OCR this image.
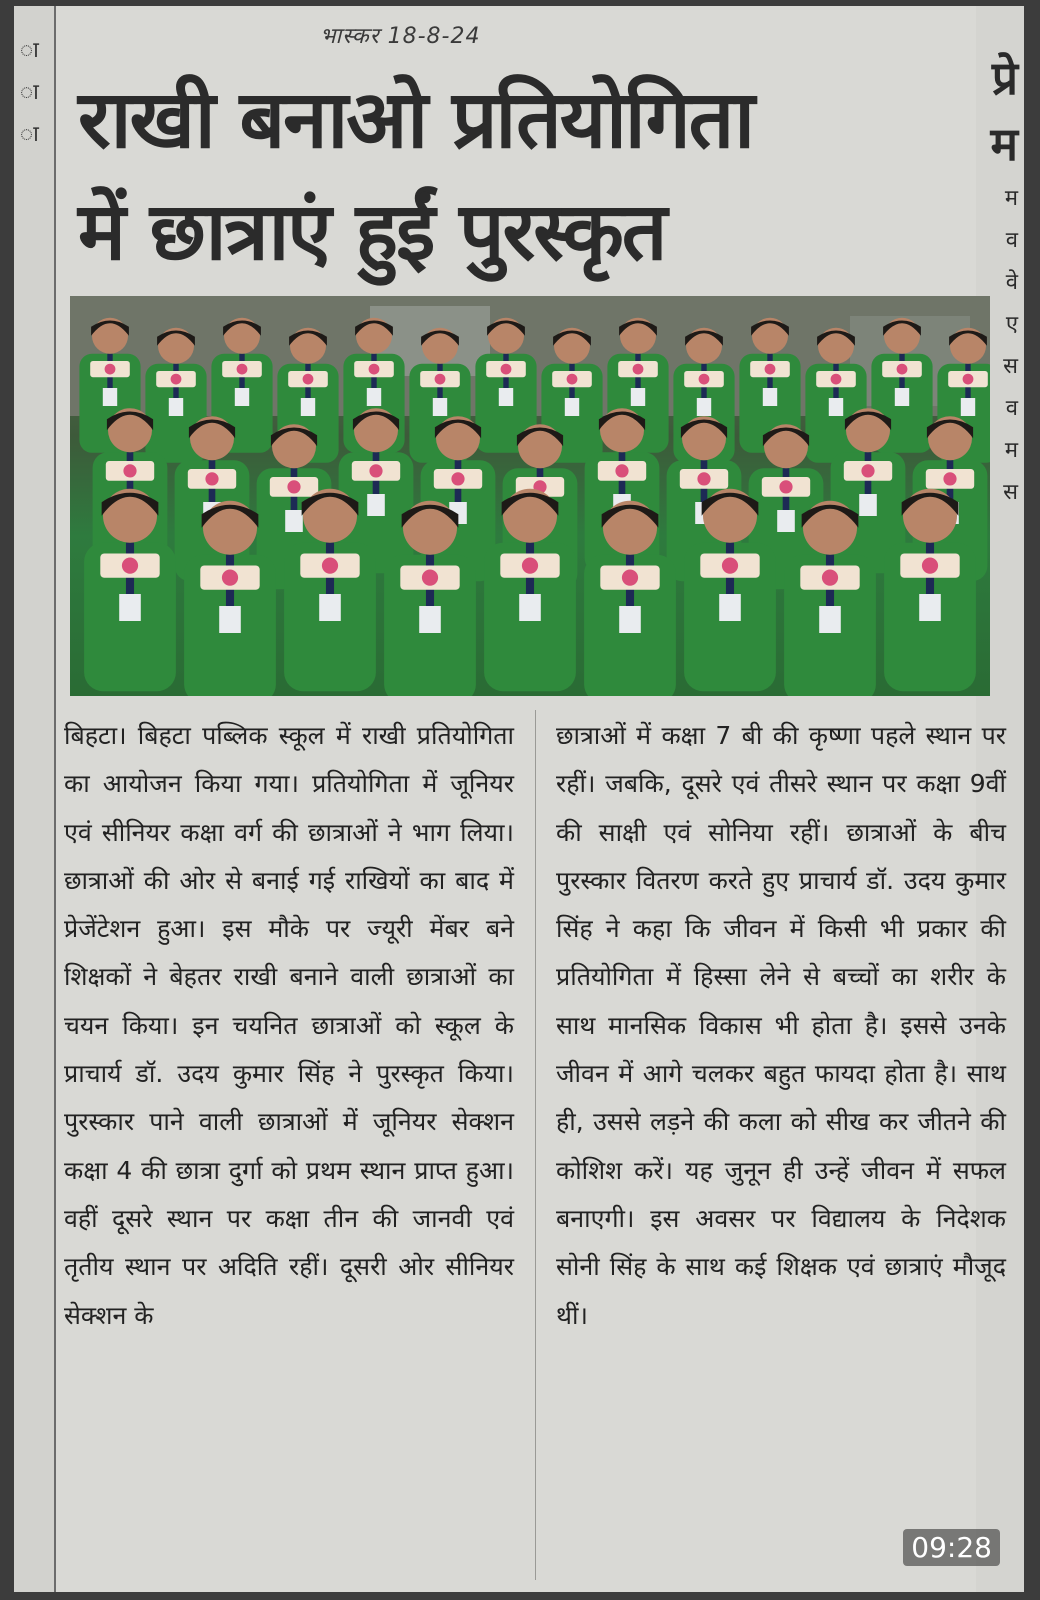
ा
ा
ा
प्रे
म
म
व
वे
ए
स
व
म
स
भास्कर 18-8-24
राखी बनाओ प्रतियोगिता
में छात्राएं हुईं पुरस्कृत
बिहटा। बिहटा पब्लिक स्कूल में राखी प्रतियोगिता का आयोजन किया गया। प्रतियोगिता में जूनियर एवं सीनियर कक्षा वर्ग की छात्राओं ने भाग लिया। छात्राओं की ओर से बनाई गई राखियों का बाद में प्रेजेंटेशन हुआ। इस मौके पर ज्यूरी मेंबर बने शिक्षकों ने बेहतर राखी बनाने वाली छात्राओं का चयन किया। इन चयनित छात्राओं को स्कूल के प्राचार्य डॉ. उदय कुमार सिंह ने पुरस्कृत किया। पुरस्कार पाने वाली छात्राओं में जूनियर सेक्शन कक्षा 4 की छात्रा दुर्गा को प्रथम स्थान प्राप्त हुआ। वहीं दूसरे स्थान पर कक्षा तीन की जानवी एवं तृतीय स्थान पर अदिति रहीं। दूसरी ओर सीनियर सेक्शन के
छात्राओं में कक्षा 7 बी की कृष्णा पहले स्थान पर रहीं। जबकि, दूसरे एवं तीसरे स्थान पर कक्षा 9वीं की साक्षी एवं सोनिया रहीं। छात्राओं के बीच पुरस्कार वितरण करते हुए प्राचार्य डॉ. उदय कुमार सिंह ने कहा कि जीवन में किसी भी प्रकार की प्रतियोगिता में हिस्सा लेने से बच्चों का शरीर के साथ मानसिक विकास भी होता है। इससे उनके जीवन में आगे चलकर बहुत फायदा होता है। साथ ही, उससे लड़ने की कला को सीख कर जीतने की कोशिश करें। यह जुनून ही उन्हें जीवन में सफल बनाएगी। इस अवसर पर विद्यालय के निदेशक सोनी सिंह के साथ कई शिक्षक एवं छात्राएं मौजूद थीं।
09:28
